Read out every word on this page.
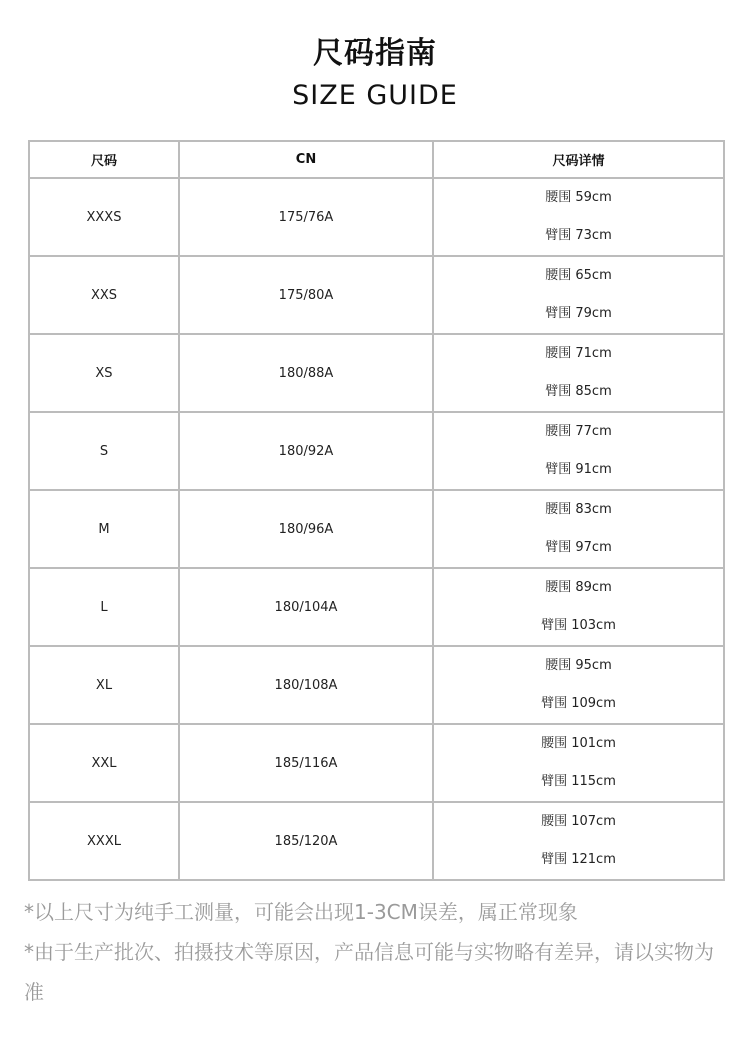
尺码指南
SIZE GUIDE
尺码	CN	尺码详情
XXXS	175/76A	腰围 59cm
臂围 73cm

XXS	175/80A	腰围 65cm
臂围 79cm

XS	180/88A	腰围 71cm
臂围 85cm

S	180/92A	腰围 77cm
臂围 91cm

M	180/96A	腰围 83cm
臂围 97cm

L	180/104A	腰围 89cm
臂围 103cm

XL	180/108A	腰围 95cm
臂围 109cm

XXL	185/116A	腰围 101cm
臂围 115cm

XXXL	185/120A	腰围 107cm
臂围 121cm

*以上尺寸为纯手工测量，可能会出现1-3CM误差，属正常现象

*由于生产批次、拍摄技术等原因，产品信息可能与实物略有差异，请以实物为准
